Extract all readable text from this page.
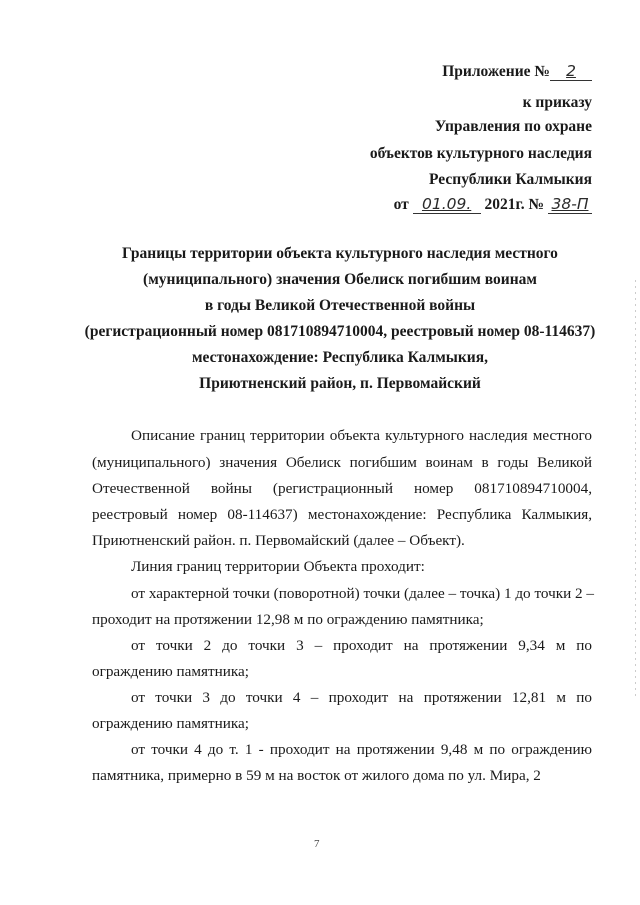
Приложение № 2
к приказу
Управления по охране
объектов культурного наследия
Республики Калмыкия
от 01.09. 2021г. № 38-П
Границы территории объекта культурного наследия местного
(муниципального) значения Обелиск погибшим воинам
в годы Великой Отечественной войны
(регистрационный номер 081710894710004, реестровый номер 08-114637)
местонахождение: Республика Калмыкия,
Приютненский район, п. Первомайский
Описание границ территории объекта культурного наследия местного
(муниципального) значения Обелиск погибшим воинам в годы Великой
Отечественной войны (регистрационный номер 081710894710004,
реестровый номер 08-114637) местонахождение: Республика Калмыкия,
Приютненский район. п. Первомайский (далее – Объект).
Линия границ территории Объекта проходит:
от характерной точки (поворотной) точки (далее – точка) 1 до точки 2 –
проходит на протяжении 12,98 м по ограждению памятника;
от точки 2 до точки 3 – проходит на протяжении 9,34 м по
ограждению памятника;
от точки 3 до точки 4 – проходит на протяжении 12,81 м по
ограждению памятника;
от точки 4 до т. 1 - проходит на протяжении 9,48 м по ограждению
памятника, примерно в 59 м на восток от жилого дома по ул. Мира, 2
7
